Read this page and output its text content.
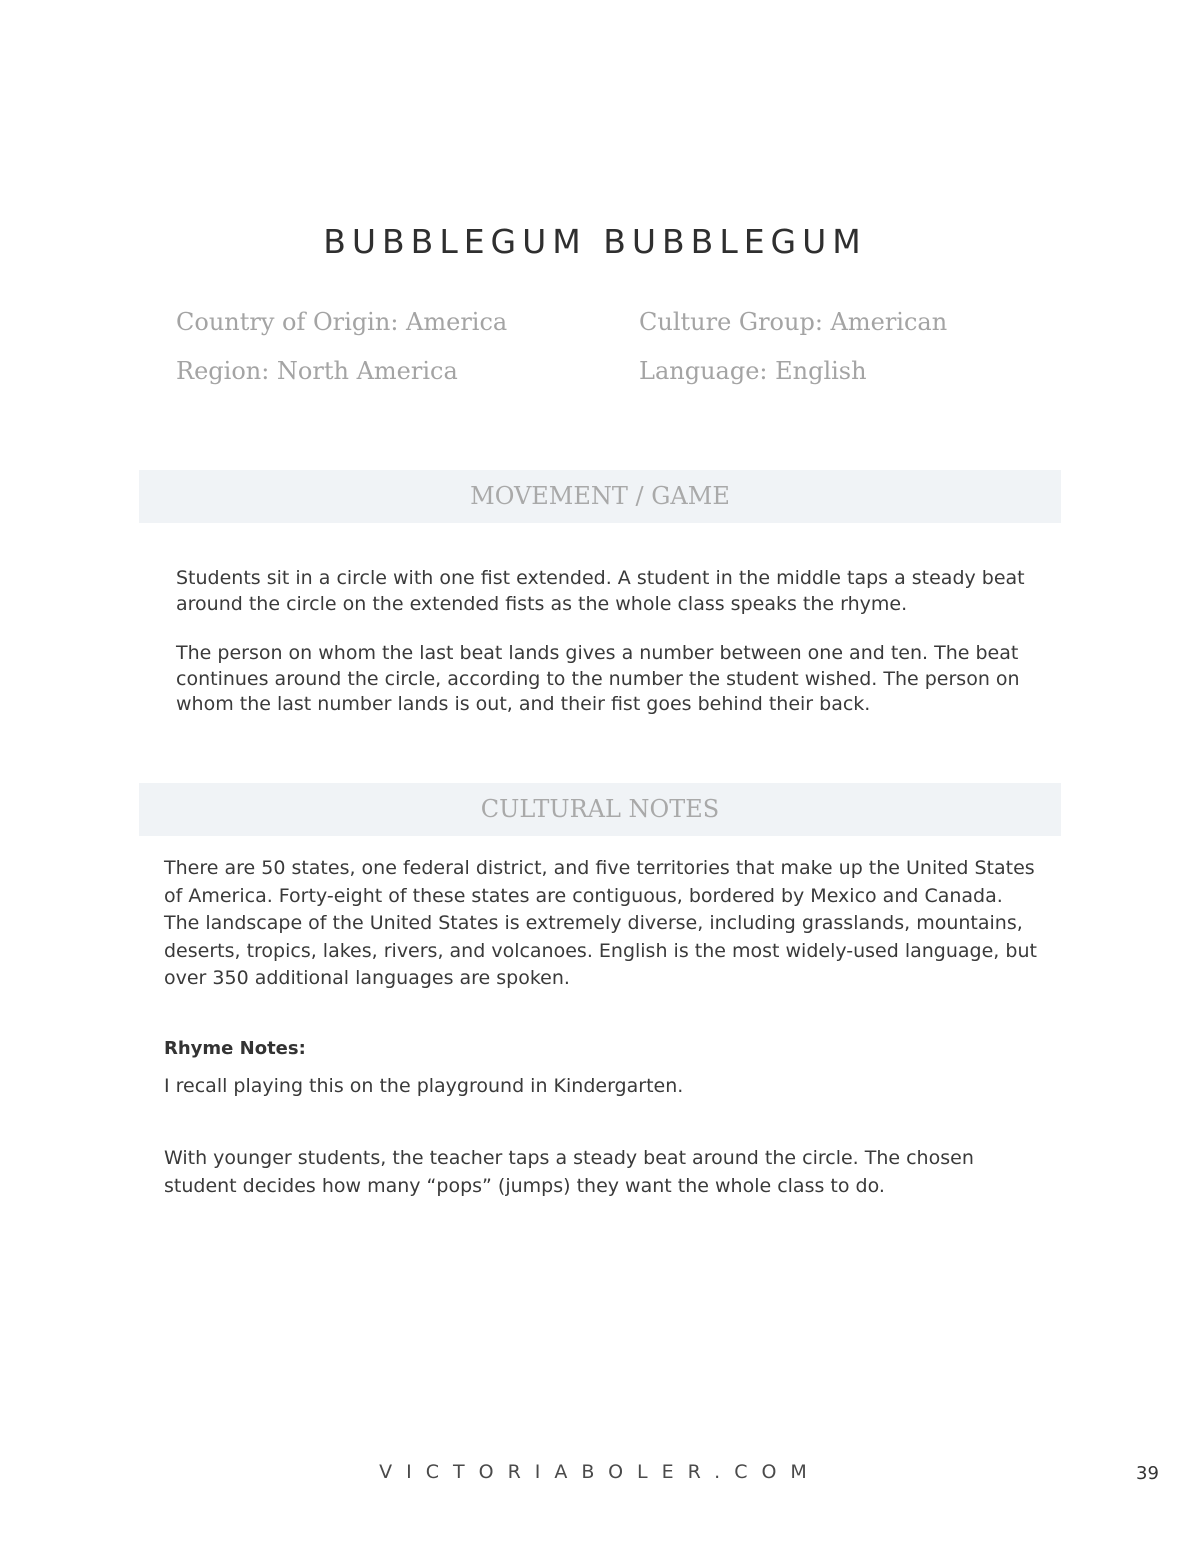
BUBBLEGUM BUBBLEGUM
Country of Origin: America	Culture Group: American
Region: North America	Language: English
MOVEMENT / GAME

Students sit in a circle with one fist extended. A student in the middle taps a steady beat around the circle on the extended fists as the whole class speaks the rhyme.

The person on whom the last beat lands gives a number between one and ten. The beat continues around the circle, according to the number the student wished. The person on whom the last number lands is out, and their fist goes behind their back.

CULTURAL NOTES

There are 50 states, one federal district, and five territories that make up the United States of America. Forty-eight of these states are contiguous, bordered by Mexico and Canada. The landscape of the United States is extremely diverse, including grasslands, mountains, deserts, tropics, lakes, rivers, and volcanoes. English is the most widely-used language, but over 350 additional languages are spoken.

Rhyme Notes:

I recall playing this on the playground in Kindergarten.

With younger students, the teacher taps a steady beat around the circle. The chosen student decides how many “pops” (jumps) they want the whole class to do.

VICTORIABOLER.COM	39
